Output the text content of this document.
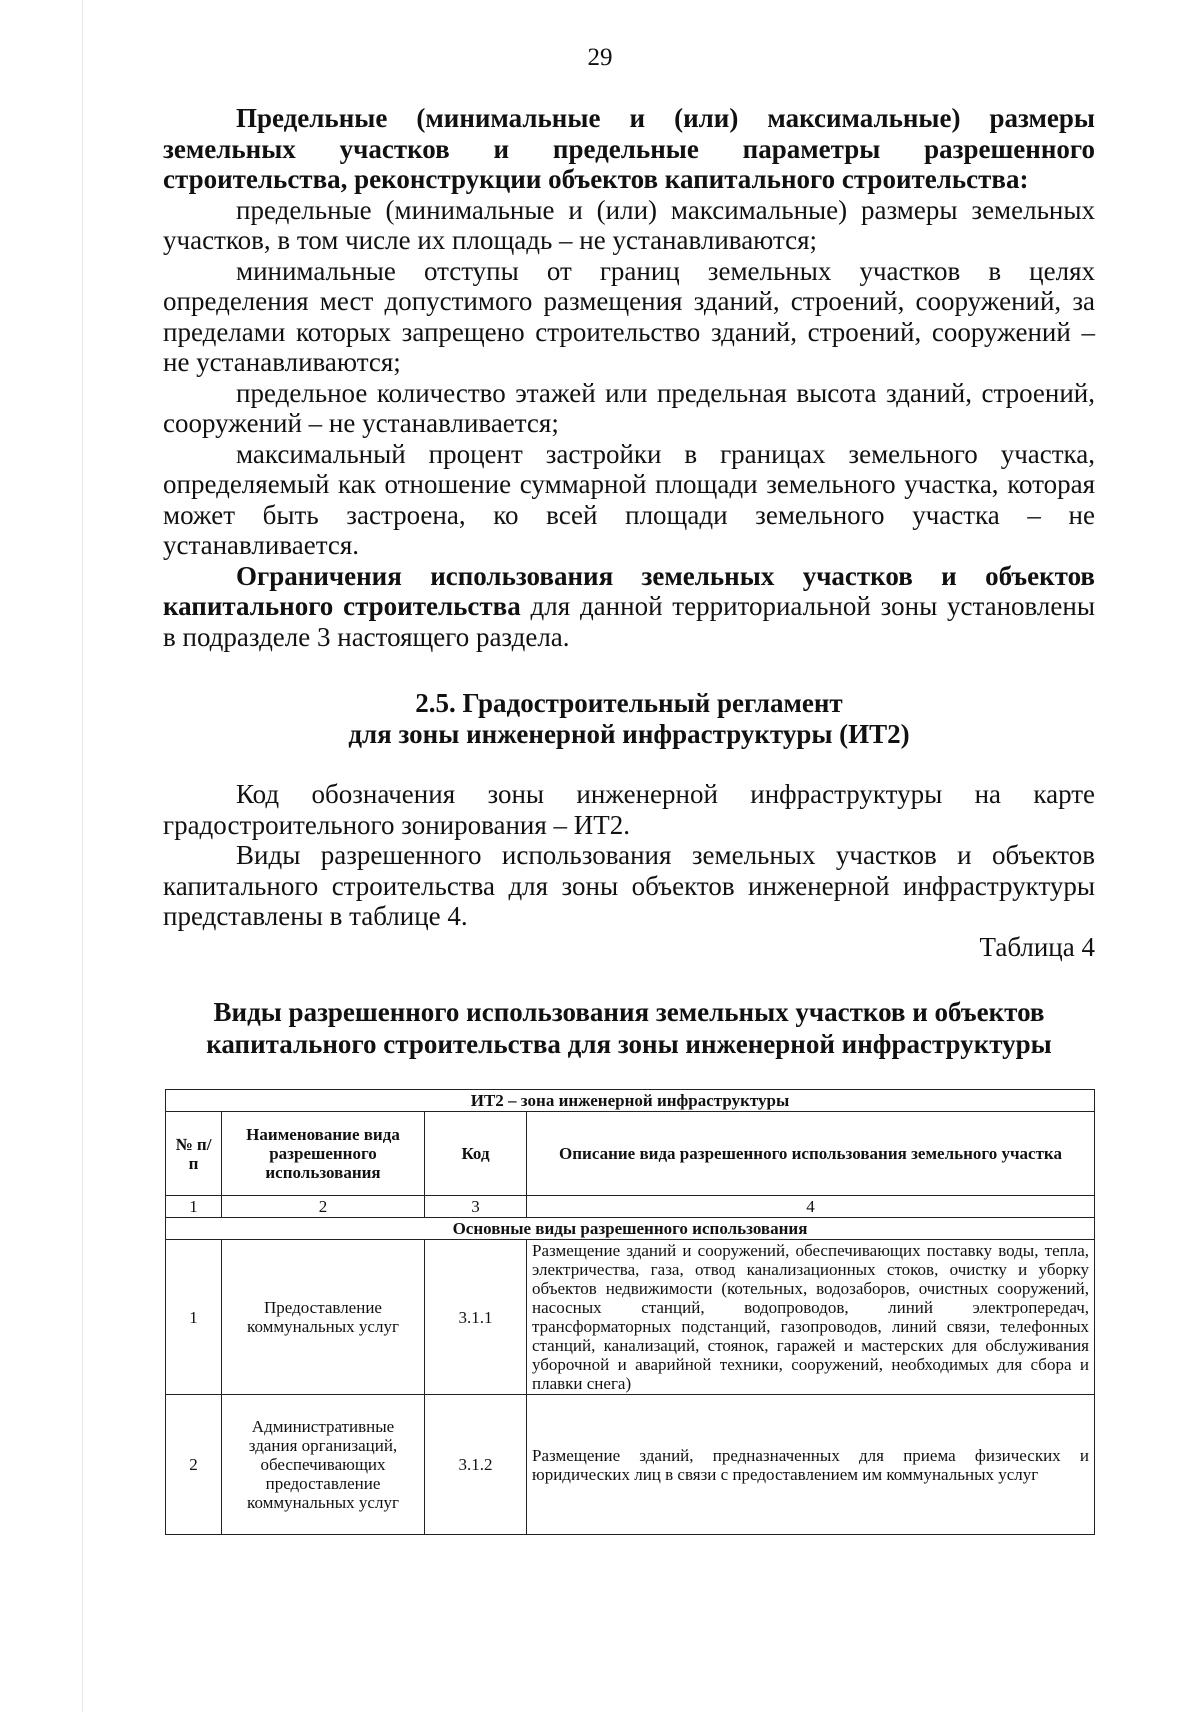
29

Предельные (минимальные и (или) максимальные) размеры земельных участков и предельные параметры разрешенного строительства, реконструкции объектов капитального строительства:

предельные (минимальные и (или) максимальные) размеры земельных участков, в том числе их площадь – не устанавливаются;

минимальные отступы от границ земельных участков в целях определения мест допустимого размещения зданий, строений, сооружений, за пределами которых запрещено строительство зданий, строений, сооружений – не устанавливаются;

предельное количество этажей или предельная высота зданий, строений, сооружений – не устанавливается;

максимальный процент застройки в границах земельного участка, определяемый как отношение суммарной площади земельного участка, которая может быть застроена, ко всей площади земельного участка – не устанавливается.

Ограничения использования земельных участков и объектов капитального строительства для данной территориальной зоны установлены в подразделе 3 настоящего раздела.

2.5. Градостроительный регламент
для зоны инженерной инфраструктуры (ИТ2)

Код обозначения зоны инженерной инфраструктуры на карте градостроительного зонирования – ИТ2.

Виды разрешенного использования земельных участков и объектов капитального строительства для зоны объектов инженерной инфраструктуры представлены в таблице 4.

Таблица 4

Виды разрешенного использования земельных участков и объектов
капитального строительства для зоны инженерной инфраструктуры
ИТ2 – зона инженерной инфраструктуры			
№ п/п	Наименование вида разрешенного использования	Код	Описание вида разрешенного использования земельного участка
1	2	3	4
Основные виды разрешенного использования			
1	Предоставление коммунальных услуг	3.1.1	Размещение зданий и сооружений, обеспечивающих поставку воды, тепла, электричества, газа, отвод канализационных стоков, очистку и уборку объектов недвижимости (котельных, водозаборов, очистных сооружений, насосных станций, водопроводов, линий электропередач, трансформаторных подстанций, газопроводов, линий связи, телефонных станций, канализаций, стоянок, гаражей и мастерских для обслуживания уборочной и аварийной техники, сооружений, необходимых для сбора и плавки снега)
2	Административные здания организаций, обеспечивающих предоставление коммунальных услуг	3.1.2	Размещение зданий, предназначенных для приема физических и юридических лиц в связи с предоставлением им коммунальных услуг
